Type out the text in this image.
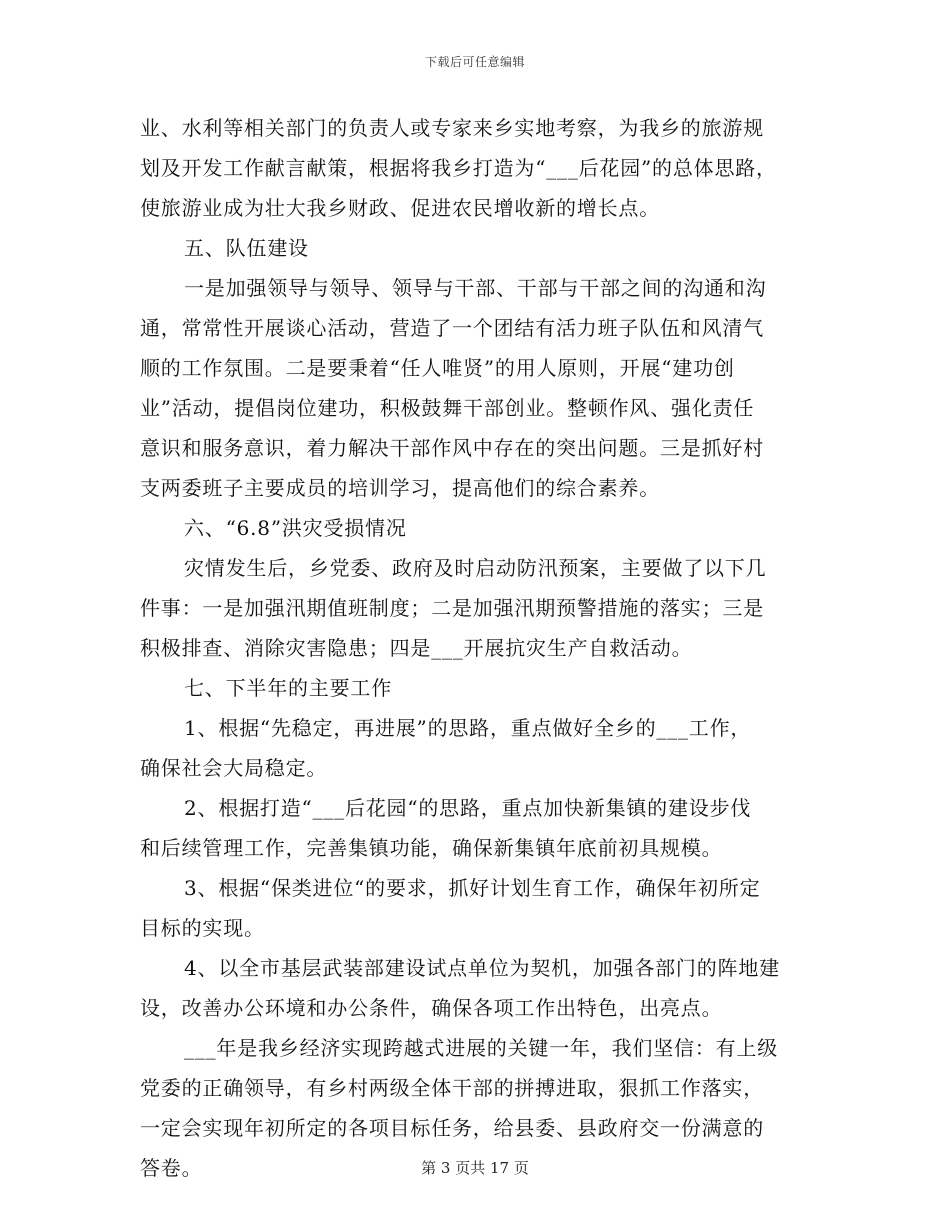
下载后可任意编辑
业、水利等相关部门的负责人或专家来乡实地考察，为我乡的旅游规
划及开发工作献言献策，根据将我乡打造为“___后花园”的总体思路，
使旅游业成为壮大我乡财政、促进农民增收新的增长点。
五、队伍建设
一是加强领导与领导、领导与干部、干部与干部之间的沟通和沟
通，常常性开展谈心活动，营造了一个团结有活力班子队伍和风清气
顺的工作氛围。二是要秉着“任人唯贤”的用人原则，开展“建功创
业”活动，提倡岗位建功，积极鼓舞干部创业。整顿作风、强化责任
意识和服务意识，着力解决干部作风中存在的突出问题。三是抓好村
支两委班子主要成员的培训学习，提高他们的综合素养。
六、“6.8”洪灾受损情况
灾情发生后，乡党委、政府及时启动防汛预案，主要做了以下几
件事：一是加强汛期值班制度；二是加强汛期预警措施的落实；三是
积极排查、消除灾害隐患；四是___开展抗灾生产自救活动。
七、下半年的主要工作
1、根据“先稳定，再进展”的思路，重点做好全乡的___工作，
确保社会大局稳定。
2、根据打造“___后花园“的思路，重点加快新集镇的建设步伐
和后续管理工作，完善集镇功能，确保新集镇年底前初具规模。
3、根据“保类进位“的要求，抓好计划生育工作，确保年初所定
目标的实现。
4、以全市基层武装部建设试点单位为契机，加强各部门的阵地建
设，改善办公环境和办公条件，确保各项工作出特色，出亮点。
___年是我乡经济实现跨越式进展的关键一年，我们坚信：有上级
党委的正确领导，有乡村两级全体干部的拼搏进取，狠抓工作落实，
一定会实现年初所定的各项目标任务，给县委、县政府交一份满意的
答卷。	第 3 页共 17 页
